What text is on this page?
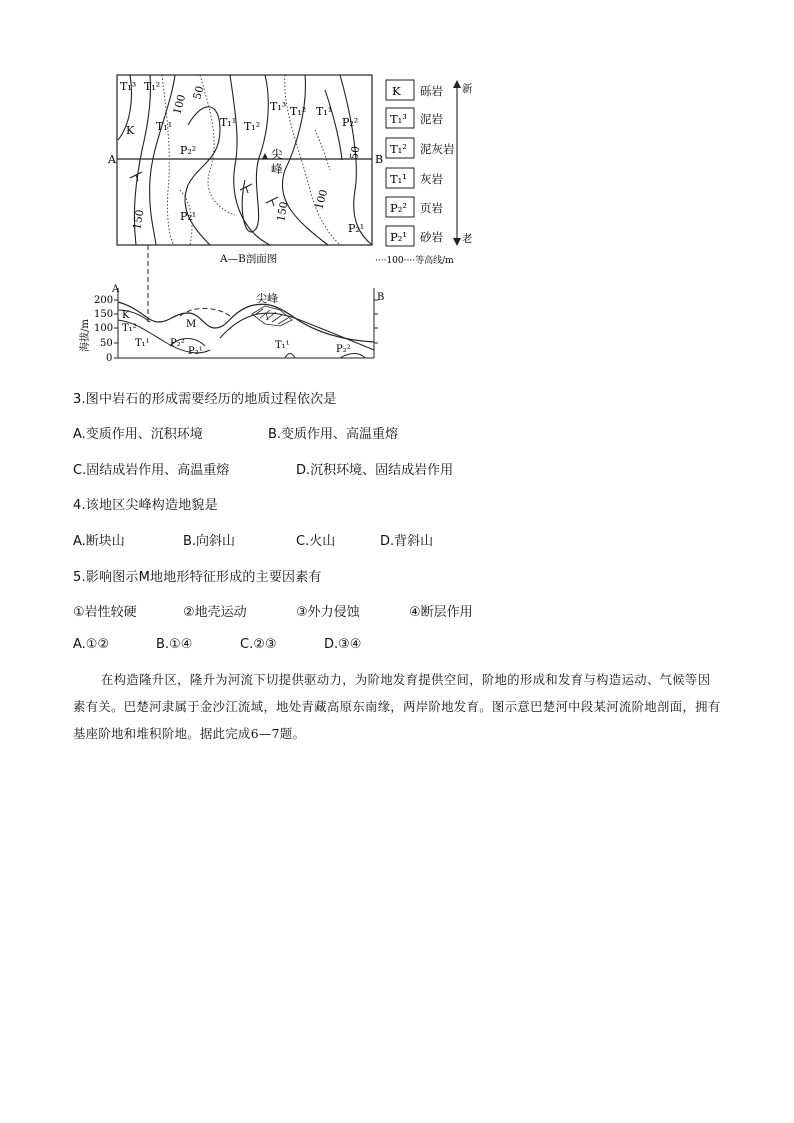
A	B
T₁³ T₁²
K T₁¹
P₂²
T₁¹ T₁²
T₁³ T₁² T₁¹
P₂²
P₂¹
P₂¹
100
50
150
100
150
50
尖
峰
A—B剖面图	····100····等高线/m
K 砾岩
T₁³ 泥岩
T₁² 泥灰岩
T₁¹ 灰岩
P₂² 页岩
P₂¹ 砂岩
新
老
200
150
100
50
0
海拔/m
A
B
尖峰
K
T₁²
T₁¹
M
P₂²
P₂¹
T₁¹	P₂²
3.图中岩石的形成需要经历的地质过程依次是
A.变质作用、沉积环境	B.变质作用、高温重熔
C.固结成岩作用、高温重熔	D.沉积环境、固结成岩作用
4.该地区尖峰构造地貌是
A.断块山	B.向斜山	C.火山	D.背斜山
5.影响图示M地地形特征形成的主要因素有
①岩性较硬	②地壳运动	③外力侵蚀	④断层作用
A.①②	B.①④	C.②③	D.③④
在构造隆升区，隆升为河流下切提供驱动力，为阶地发育提供空间，阶地的形成和发育与构造运动、气候等因素有关。巴楚河隶属于金沙江流域，地处青藏高原东南缘，两岸阶地发育。图示意巴楚河中段某河流阶地剖面，拥有基座阶地和堆积阶地。据此完成6—7题。
